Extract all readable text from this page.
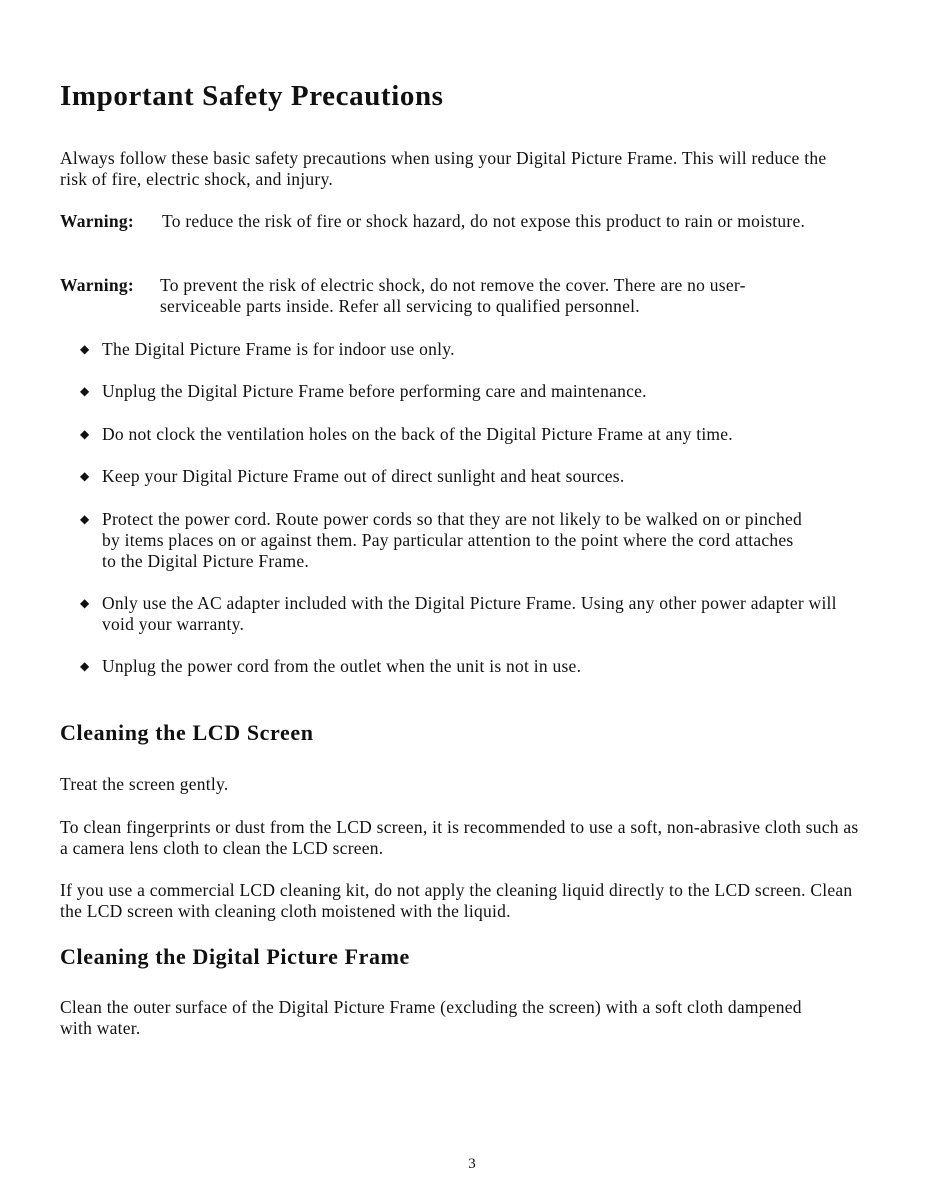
Important Safety Precautions

Always follow these basic safety precautions when using your Digital Picture Frame. This will reduce the risk of fire, electric shock, and injury.

Warning: To reduce the risk of fire or shock hazard, do not expose this product to rain or moisture.
Warning: To prevent the risk of electric shock, do not remove the cover. There are no user-serviceable parts inside. Refer all servicing to qualified personnel.
◆ The Digital Picture Frame is for indoor use only.
◆ Unplug the Digital Picture Frame before performing care and maintenance.
◆ Do not clock the ventilation holes on the back of the Digital Picture Frame at any time.
◆ Keep your Digital Picture Frame out of direct sunlight and heat sources.
◆ Protect the power cord. Route power cords so that they are not likely to be walked on or pinched by items places on or against them. Pay particular attention to the point where the cord attaches to the Digital Picture Frame.
◆ Only use the AC adapter included with the Digital Picture Frame. Using any other power adapter will void your warranty.
◆ Unplug the power cord from the outlet when the unit is not in use.
Cleaning the LCD Screen

Treat the screen gently.

To clean fingerprints or dust from the LCD screen, it is recommended to use a soft, non-abrasive cloth such as a camera lens cloth to clean the LCD screen.

If you use a commercial LCD cleaning kit, do not apply the cleaning liquid directly to the LCD screen. Clean the LCD screen with cleaning cloth moistened with the liquid.

Cleaning the Digital Picture Frame

Clean the outer surface of the Digital Picture Frame (excluding the screen) with a soft cloth dampened with water.

3
